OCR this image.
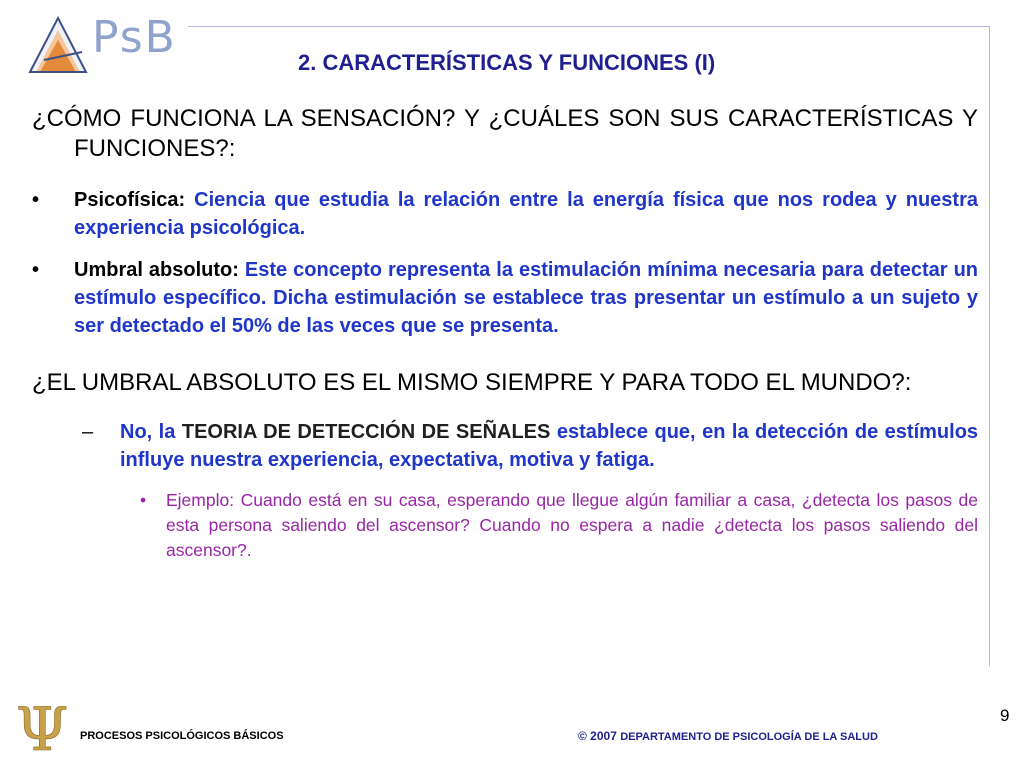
PsB	2. CARACTERÍSTICAS Y FUNCIONES (I)

¿CÓMO FUNCIONA LA SENSACIÓN? Y ¿CUÁLES SON SUS CARACTERÍSTICAS Y FUNCIONES?:

• Psicofísica: Ciencia que estudia la relación entre la energía física que nos rodea y nuestra experiencia psicológica.

• Umbral absoluto: Este concepto representa la estimulación mínima necesaria para detectar un estímulo específico. Dicha estimulación se establece tras presentar un estímulo a un sujeto y ser detectado el 50% de las veces que se presenta.

¿EL UMBRAL ABSOLUTO ES EL MISMO SIEMPRE Y PARA TODO EL MUNDO?:

– No, la TEORIA DE DETECCIÓN DE SEÑALES establece que, en la detección de estímulos influye nuestra experiencia, expectativa, motiva y fatiga.

• Ejemplo: Cuando está en su casa, esperando que llegue algún familiar a casa, ¿detecta los pasos de esta persona saliendo del ascensor? Cuando no espera a nadie ¿detecta los pasos saliendo del ascensor?.

Ψ PROCESOS PSICOLÓGICOS BÁSICOS	© 2007 DEPARTAMENTO DE PSICOLOGÍA DE LA SALUD
9
